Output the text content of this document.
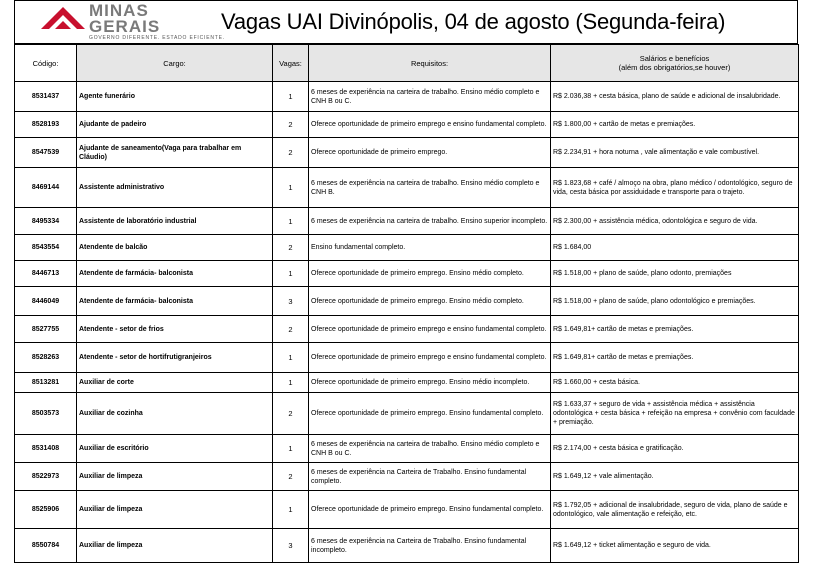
MINAS
GERAIS
GOVERNO DIFERENTE. ESTADO EFICIENTE.
Vagas UAI Divinópolis, 04 de agosto (Segunda-feira)
Código:	Cargo:	Vagas:	Requisitos:	Salários e benefícios
(além dos obrigatórios,se houver)

8531437	Agente funerário	1	6 meses de experiência na carteira de trabalho. Ensino médio completo e CNH B ou C.	R$ 2.036,38 + cesta básica, plano de saúde e adicional de insalubridade.
8528193	Ajudante de padeiro	2	Oferece oportunidade de primeiro emprego e ensino fundamental completo.	R$ 1.800,00 + cartão de metas e premiações.
8547539	Ajudante de saneamento(Vaga para trabalhar em Cláudio)	2	Oferece oportunidade de primeiro emprego.	R$ 2.234,91 + hora noturna , vale alimentação e vale combustível.
8469144	Assistente administrativo	1	6 meses de experiência na carteira de trabalho. Ensino médio completo e CNH B.	R$ 1.823,68 + café / almoço na obra, plano médico / odontológico, seguro de vida, cesta básica por assiduidade e transporte para o trajeto.
8495334	Assistente de laboratório industrial	1	6 meses de experiência na carteira de trabalho. Ensino superior incompleto.	R$ 2.300,00 + assistência médica, odontológica e seguro de vida.
8543554	Atendente de balcão	2	Ensino fundamental completo.	R$ 1.684,00
8446713	Atendente de farmácia- balconista	1	Oferece oportunidade de primeiro emprego. Ensino médio completo.	R$ 1.518,00 + plano de saúde, plano odonto, premiações
8446049	Atendente de farmácia- balconista	3	Oferece oportunidade de primeiro emprego. Ensino médio completo.	R$ 1.518,00 + plano de saúde, plano odontológico e premiações.
8527755	Atendente - setor de frios	2	Oferece oportunidade de primeiro emprego e ensino fundamental completo.	R$ 1.649,81+ cartão de metas e premiações.
8528263	Atendente - setor de hortifrutigranjeiros	1	Oferece oportunidade de primeiro emprego e ensino fundamental completo.	R$ 1.649,81+ cartão de metas e premiações.
8513281	Auxiliar de corte	1	Oferece oportunidade de primeiro emprego. Ensino médio incompleto.	R$ 1.660,00 + cesta básica.
8503573	Auxiliar de cozinha	2	Oferece oportunidade de primeiro emprego. Ensino fundamental completo.	R$ 1.633,37 + seguro de vida + assistência médica + assistência odontológica + cesta básica + refeição na empresa + convênio com faculdade + premiação.
8531408	Auxiliar de escritório	1	6 meses de experiência na carteira de trabalho. Ensino médio completo e CNH B ou C.	R$ 2.174,00 + cesta básica e gratificação.
8522973	Auxiliar de limpeza	2	6 meses de experiência na Carteira de Trabalho. Ensino fundamental completo.	R$ 1.649,12 + vale alimentação.
8525906	Auxiliar de limpeza	1	Oferece oportunidade de primeiro emprego. Ensino fundamental completo.	R$ 1.792,05 + adicional de insalubridade, seguro de vida, plano de saúde e odontológico, vale alimentação e refeição, etc.
8550784	Auxiliar de limpeza	3	6 meses de experiência na Carteira de Trabalho. Ensino fundamental incompleto.	R$ 1.649,12 + ticket alimentação e seguro de vida.
